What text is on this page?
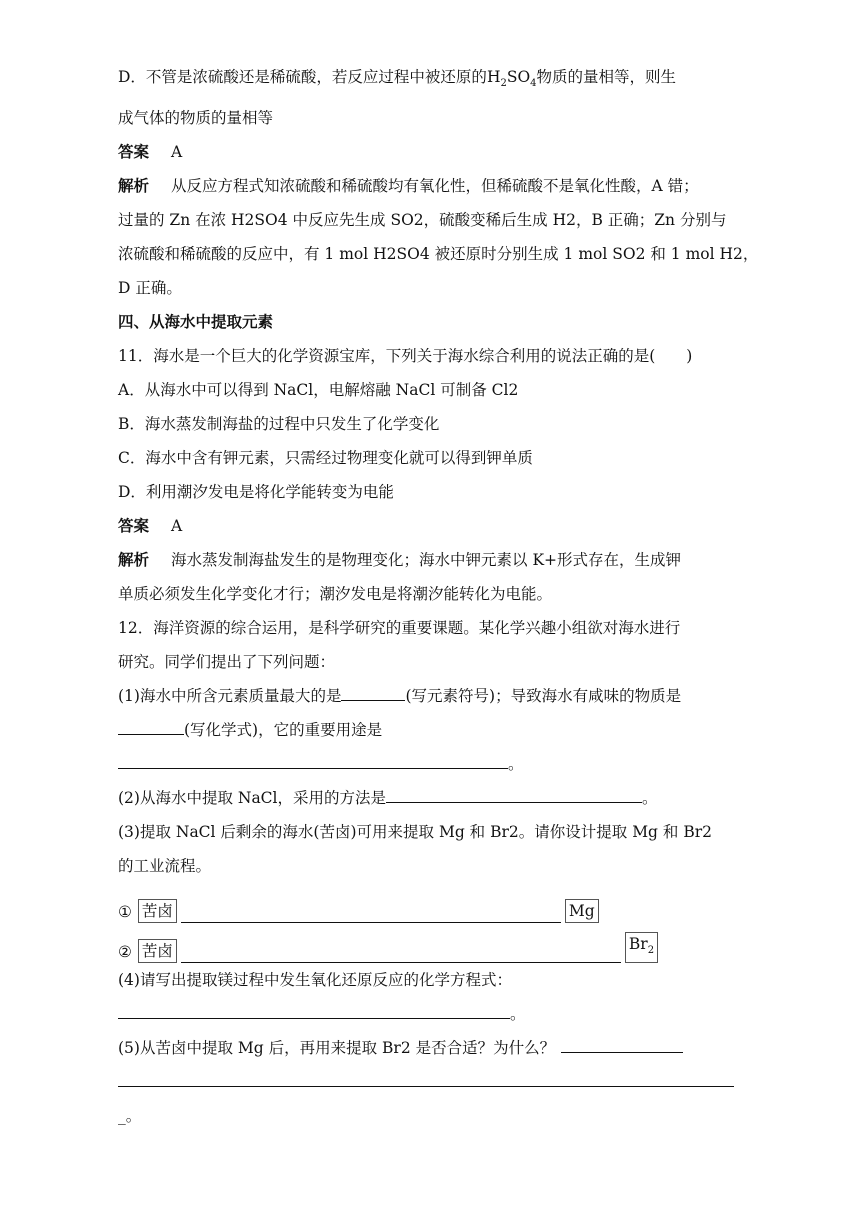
D．不管是浓硫酸还是稀硫酸，若反应过程中被还原的$H_2SO_4$物质的量相等，则生
成气体的物质的量相等
答案 A
解析 从反应方程式知浓硫酸和稀硫酸均有氧化性，但稀硫酸不是氧化性酸，A 错；
过量的 Zn 在浓 H2SO4 中反应先生成 SO2，硫酸变稀后生成 H2，B 正确；Zn 分别与
浓硫酸和稀硫酸的反应中，有 1 mol H2SO4 被还原时分别生成 1 mol SO2 和 1 mol H2，
D 正确。
四、从海水中提取元素
11．海水是一个巨大的化学资源宝库，下列关于海水综合利用的说法正确的是(　　)
A．从海水中可以得到 NaCl，电解熔融 NaCl 可制备 Cl2
B．海水蒸发制海盐的过程中只发生了化学变化
C．海水中含有钾元素，只需经过物理变化就可以得到钾单质
D．利用潮汐发电是将化学能转变为电能
答案 A
解析 海水蒸发制海盐发生的是物理变化；海水中钾元素以 K+形式存在，生成钾
单质必须发生化学变化才行；潮汐发电是将潮汐能转化为电能。
12．海洋资源的综合运用，是科学研究的重要课题。某化学兴趣小组欲对海水进行
研究。同学们提出了下列问题：
(1)海水中所含元素质量最大的是	(写元素符号)；导致海水有咸味的物质是
(写化学式)，它的重要用途是
。
(2)从海水中提取 NaCl，采用的方法是	。
(3)提取 NaCl 后剩余的海水(苦卤)可用来提取 Mg 和 Br2。请你设计提取 Mg 和 Br2
的工业流程。
① 苦卤	Mg
② 苦卤	$Br_2$
(4)请写出提取镁过程中发生氧化还原反应的化学方程式：
。
(5)从苦卤中提取 Mg 后，再用来提取 Br2 是否合适？为什么？
_。
